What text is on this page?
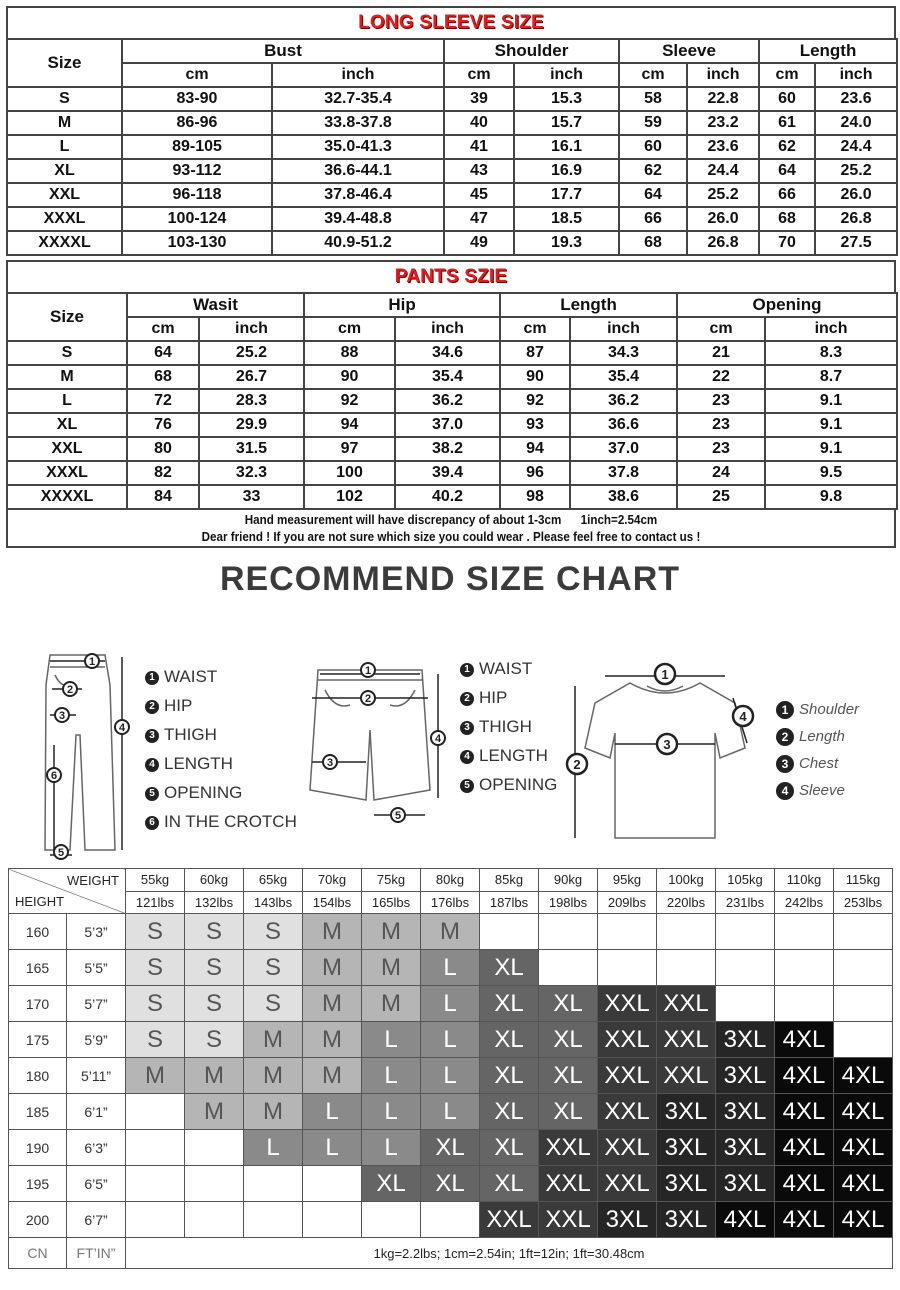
LONG SLEEVE SIZE
Size	Bust		Shoulder		Sleeve		Length	
	cm	inch	cm	inch	cm	inch	cm	inch
S	83-90	32.7-35.4	39	15.3	58	22.8	60	23.6
M	86-96	33.8-37.8	40	15.7	59	23.2	61	24.0
L	89-105	35.0-41.3	41	16.1	60	23.6	62	24.4
XL	93-112	36.6-44.1	43	16.9	62	24.4	64	25.2
XXL	96-118	37.8-46.4	45	17.7	64	25.2	66	26.0
XXXL	100-124	39.4-48.8	47	18.5	66	26.0	68	26.8
XXXXL	103-130	40.9-51.2	49	19.3	68	26.8	70	27.5
PANTS SZIE
Size	Wasit		Hip		Length		Opening	
	cm	inch	cm	inch	cm	inch	cm	inch
S	64	25.2	88	34.6	87	34.3	21	8.3
M	68	26.7	90	35.4	90	35.4	22	8.7
L	72	28.3	92	36.2	92	36.2	23	9.1
XL	76	29.9	94	37.0	93	36.6	23	9.1
XXL	80	31.5	97	38.2	94	37.0	23	9.1
XXXL	82	32.3	100	39.4	96	37.8	24	9.5
XXXXL	84	33	102	40.2	98	38.6	25	9.8
Hand measurement will have discrepancy of about 1-3cm      1inch=2.54cm
Dear friend ! If you are not sure which size you could wear . Please feel free to contact us !
RECOMMEND SIZE CHART
1
2
3
4
5
6
1 WAIST
2 HIP
3 THIGH
4 LENGTH
5 OPENING
6 IN THE CROTCH
1
2
3
4
5
1 WAIST
2 HIP
3 THIGH
4 LENGTH
5 OPENING
1
2
3
4	1 Shoulder
2 Length
3 Chest
4 Sleeve
WEIGHT
HEIGHT		55kg	60kg	65kg	70kg	75kg	80kg	85kg	90kg	95kg	100kg	105kg	110kg	115kg
		121lbs	132lbs	143lbs	154lbs	165lbs	176lbs	187lbs	198lbs	209lbs	220lbs	231lbs	242lbs	253lbs
160	5’3”	S	S	S	M	M	M							
165	5’5”	S	S	S	M	M	L	XL						
170	5’7”	S	S	S	M	M	L	XL	XL	XXL	XXL			
175	5’9”	S	S	M	M	L	L	XL	XL	XXL	XXL	3XL	4XL	
180	5’11”	M	M	M	M	L	L	XL	XL	XXL	XXL	3XL	4XL	4XL
185	6’1”		M	M	L	L	L	XL	XL	XXL	3XL	3XL	4XL	4XL
190	6’3”			L	L	L	XL	XL	XXL	XXL	3XL	3XL	4XL	4XL
195	6’5”					XL	XL	XL	XXL	XXL	3XL	3XL	4XL	4XL
200	6’7”							XXL	XXL	3XL	3XL	4XL	4XL	4XL
CN	FT’IN”	1kg=2.2lbs; 1cm=2.54in; 1ft=12in; 1ft=30.48cm												
